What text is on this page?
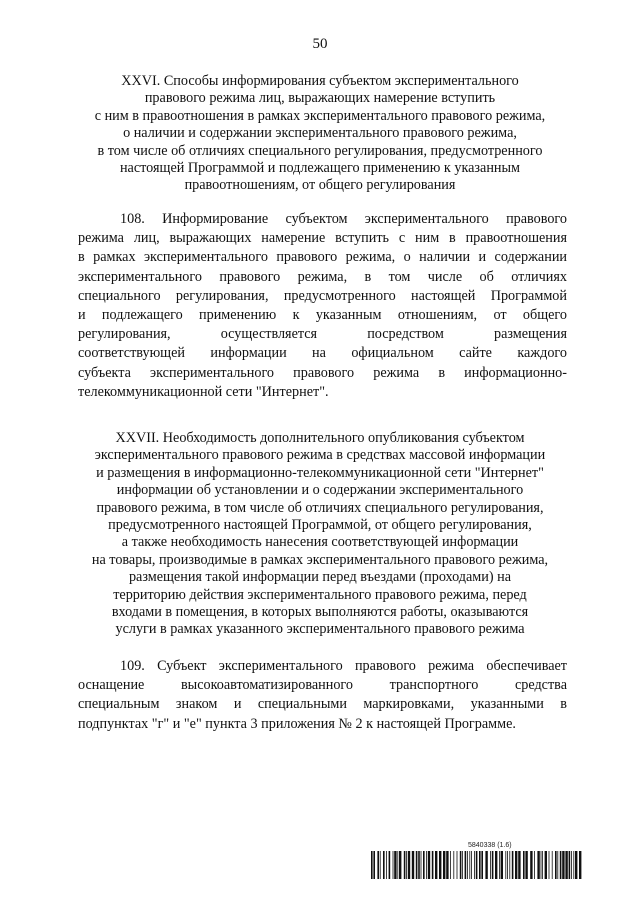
50
XXVI. Способы информирования субъектом экспериментального
правового режима лиц, выражающих намерение вступить
с ним в правоотношения в рамках экспериментального правового режима,
о наличии и содержании экспериментального правового режима,
в том числе об отличиях специального регулирования, предусмотренного
настоящей Программой и подлежащего применению к указанным
правоотношениям, от общего регулирования
108. Информирование субъектом экспериментального правового
режима лиц, выражающих намерение вступить с ним в правоотношения
в рамках экспериментального правового режима, о наличии и содержании
экспериментального правового режима, в том числе об отличиях
специального регулирования, предусмотренного настоящей Программой
и подлежащего применению к указанным отношениям, от общего
регулирования, осуществляется посредством размещения
соответствующей информации на официальном сайте каждого
субъекта экспериментального правового режима в информационно-
телекоммуникационной сети "Интернет".
XXVII. Необходимость дополнительного опубликования субъектом
экспериментального правового режима в средствах массовой информации
и размещения в информационно-телекоммуникационной сети "Интернет"
информации об установлении и о содержании экспериментального
правового режима, в том числе об отличиях специального регулирования,
предусмотренного настоящей Программой, от общего регулирования,
а также необходимость нанесения соответствующей информации
на товары, производимые в рамках экспериментального правового режима,
размещения такой информации перед въездами (проходами) на
территорию действия экспериментального правового режима, перед
входами в помещения, в которых выполняются работы, оказываются
услуги в рамках указанного экспериментального правового режима
109. Субъект экспериментального правового режима обеспечивает
оснащение высокоавтоматизированного транспортного средства
специальным знаком и специальными маркировками, указанными в
подпунктах "г" и "е" пункта 3 приложения № 2 к настоящей Программе.
5840338 (1.6)
